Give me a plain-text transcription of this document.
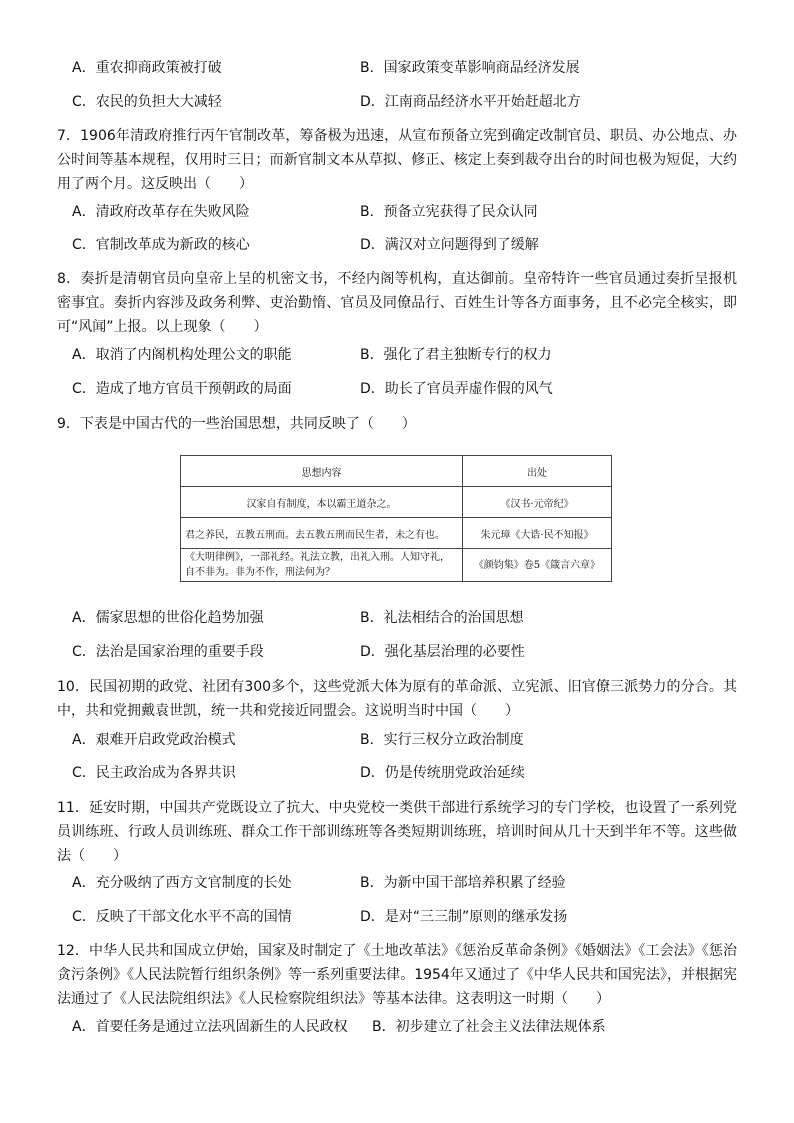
A．重农抑商政策被打破	B．国家政策变革影响商品经济发展
C．农民的负担大大减轻	D．江南商品经济水平开始赶超北方
7．1906年清政府推行丙午官制改革，筹备极为迅速，从宣布预备立宪到确定改制官员、职员、办公地点、办公时间等基本规程，仅用时三日；而新官制文本从草拟、修正、核定上奏到裁夺出台的时间也极为短促，大约用了两个月。这反映出（　　）
A．清政府改革存在失败风险	B．预备立宪获得了民众认同
C．官制改革成为新政的核心	D．满汉对立问题得到了缓解
8．奏折是清朝官员向皇帝上呈的机密文书，不经内阁等机构，直达御前。皇帝特许一些官员通过奏折呈报机密事宜。奏折内容涉及政务利弊、吏治勤惰、官员及同僚品行、百姓生计等各方面事务，且不必完全核实，即可“风闻”上报。以上现象（　　）
A．取消了内阁机构处理公文的职能	B．强化了君主独断专行的权力
C．造成了地方官员干预朝政的局面	D．助长了官员弄虚作假的风气
9．下表是中国古代的一些治国思想，共同反映了（　　）
思想内容	出处
汉家自有制度，本以霸王道杂之。	《汉书·元帝纪》
君之养民，五教五刑而。去五教五刑而民生者，未之有也。	朱元璋《大诰·民不知报》
《大明律例》，一部礼经。礼法立教，出礼入刑。人知守礼，自不非为。非为不作，刑法何为？	《颜钧集》卷5《箴言六章》
A．儒家思想的世俗化趋势加强	B．礼法相结合的治国思想
C．法治是国家治理的重要手段	D．强化基层治理的必要性
10．民国初期的政党、社团有300多个，这些党派大体为原有的革命派、立宪派、旧官僚三派势力的分合。其中，共和党拥戴袁世凯，统一共和党接近同盟会。这说明当时中国（　　）
A．艰难开启政党政治模式	B．实行三权分立政治制度
C．民主政治成为各界共识	D．仍是传统朋党政治延续
11．延安时期，中国共产党既设立了抗大、中央党校一类供干部进行系统学习的专门学校，也设置了一系列党员训练班、行政人员训练班、群众工作干部训练班等各类短期训练班，培训时间从几十天到半年不等。这些做法（　　）
A．充分吸纳了西方文官制度的长处	B．为新中国干部培养积累了经验
C．反映了干部文化水平不高的国情	D．是对“三三制”原则的继承发扬
12．中华人民共和国成立伊始，国家及时制定了《土地改革法》《惩治反革命条例》《婚姻法》《工会法》《惩治贪污条例》《人民法院暂行组织条例》等一系列重要法律。1954年又通过了《中华人民共和国宪法》，并根据宪法通过了《人民法院组织法》《人民检察院组织法》等基本法律。这表明这一时期（　　）
A．首要任务是通过立法巩固新生的人民政权 B．初步建立了社会主义法律法规体系
